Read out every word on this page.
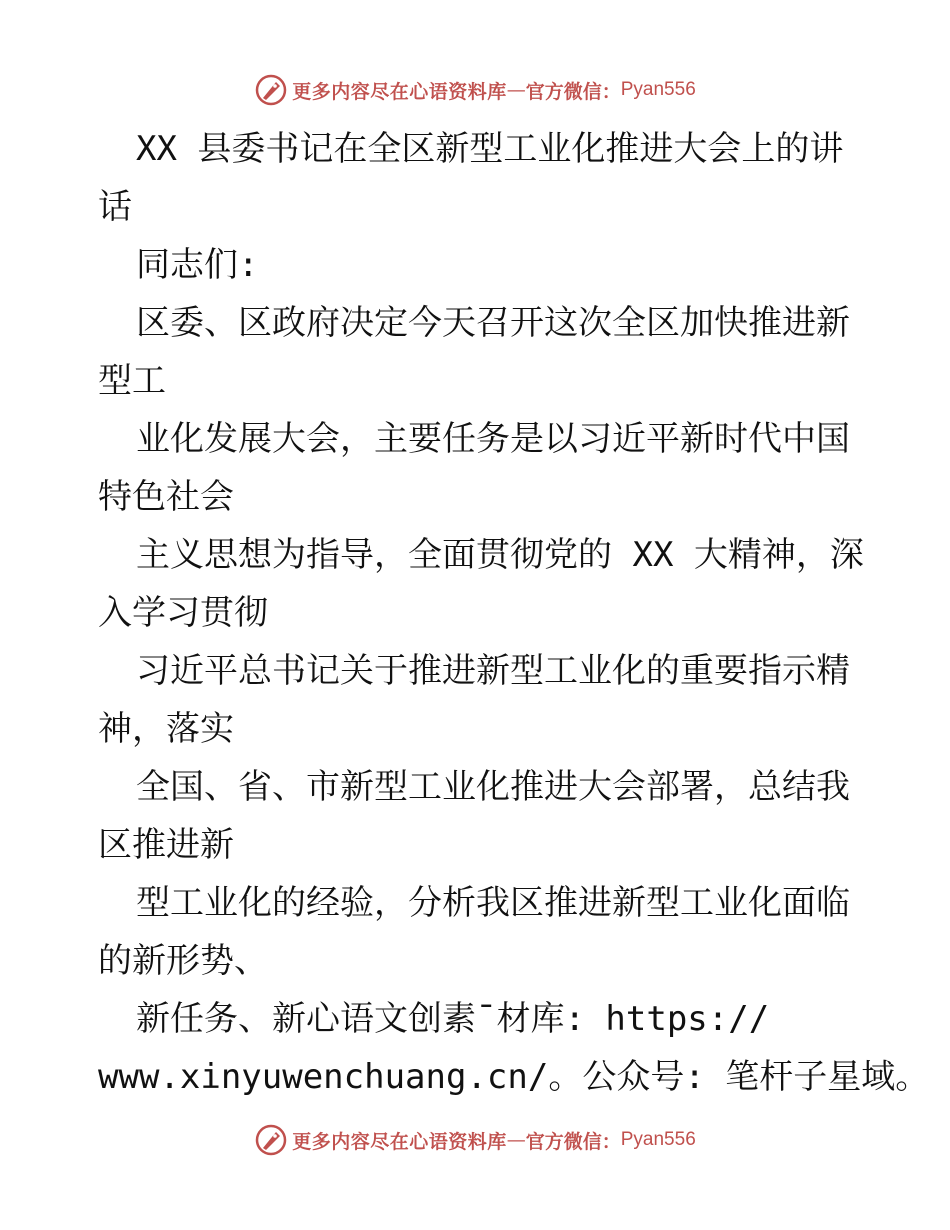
更多内容尽在心语资料库 — 官方微信： Pyan556
XX 县委书记在全区新型工业化推进大会上的讲
话
同志们:
区委、区政府决定今天召开这次全区加快推进新
型工
业化发展大会，主要任务是以习近平新时代中国
特色社会
主义思想为指导，全面贯彻党的 XX 大精神，深
入学习贯彻
习近平总书记关于推进新型工业化的重要指示精
神，落实
全国、省、市新型工业化推进大会部署，总结我
区推进新
型工业化的经验，分析我区推进新型工业化面临
的新形势、
新任务、新心语文创素¯材库: https://
www.xinyuwenchuang.cn/。公众号: 笔杆子星域。
更多内容尽在心语资料库 — 官方微信： Pyan556
